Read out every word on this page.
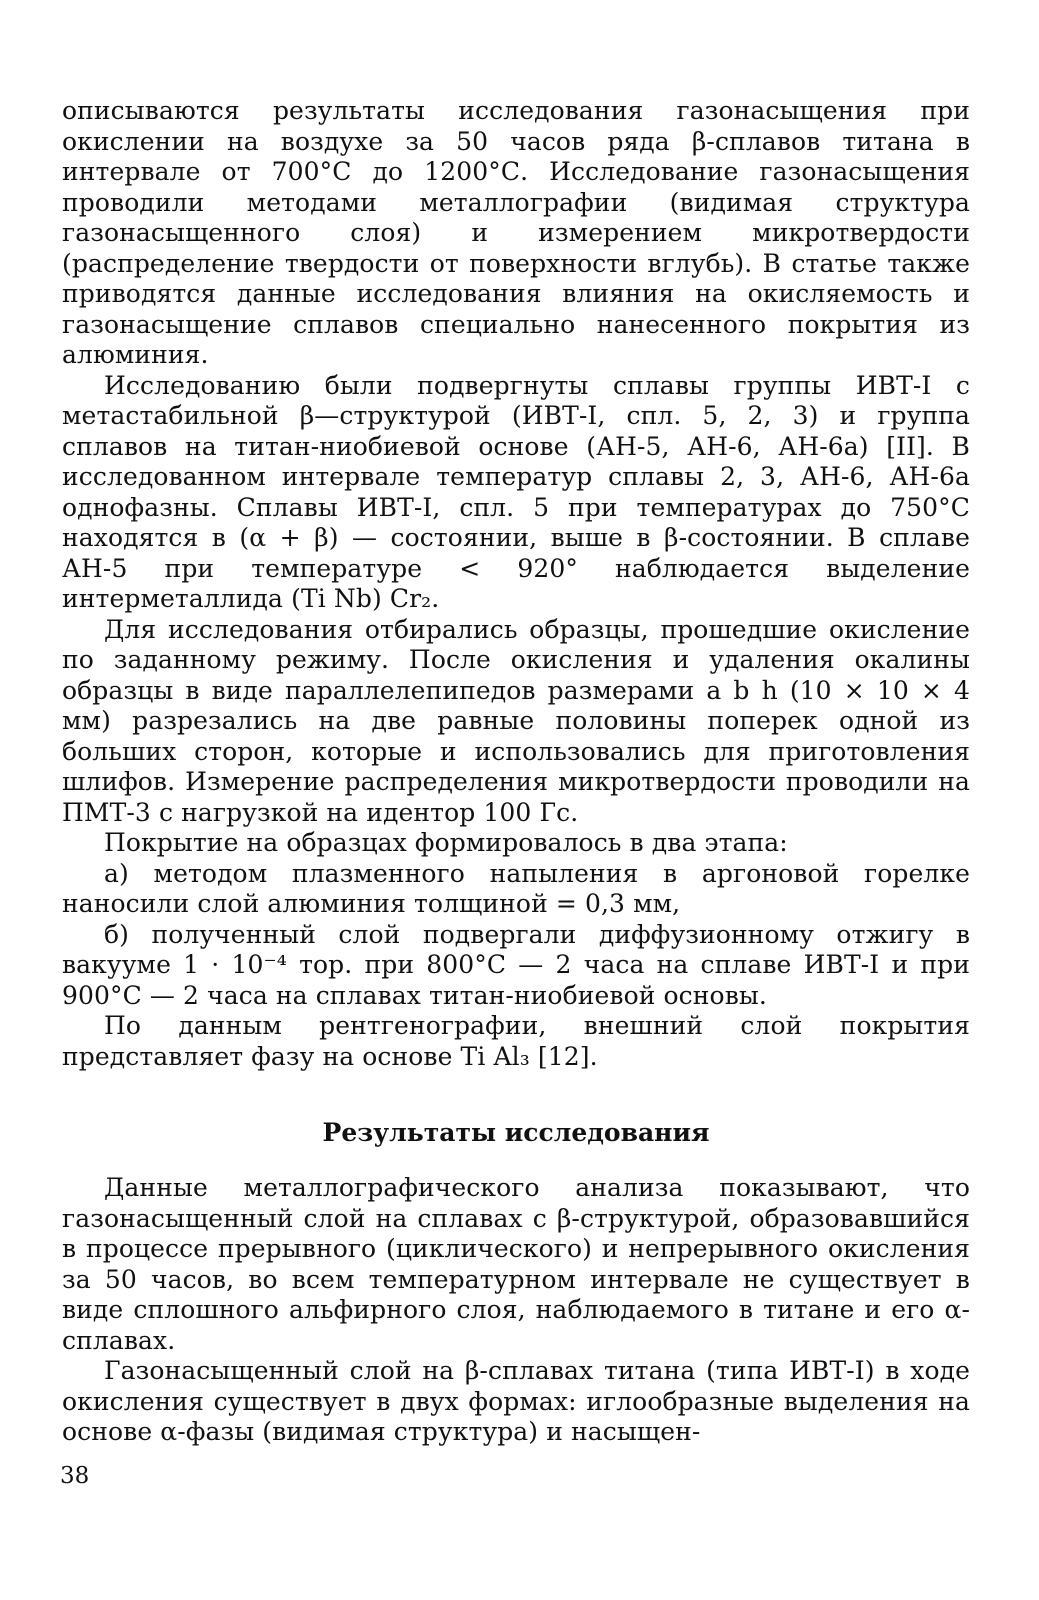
описываются результаты исследования газонасыщения при окислении на воздухе за 50 часов ряда β-сплавов титана в интервале от 700°С до 1200°С. Исследование газонасыщения проводили методами металлографии (видимая структура газонасыщенного слоя) и измерением микротвердости (распределение твердости от поверхности вглубь). В статье также приводятся данные исследования влияния на окисляемость и газонасыщение сплавов специально нанесенного покрытия из алюминия.

Исследованию были подвергнуты сплавы группы ИВТ-I с метастабильной β—структурой (ИВТ-I, спл. 5, 2, 3) и группа сплавов на титан-ниобиевой основе (АН-5, АН-6, АН-6а) [II]. В исследованном интервале температур сплавы 2, 3, АН-6, АН-6а однофазны. Сплавы ИВТ-I, спл. 5 при температурах до 750°С находятся в (α + β) — состоянии, выше в β-состоянии. В сплаве АН-5 при температуре < 920° наблюдается выделение интерметаллида (Ti Nb) Cr₂.

Для исследования отбирались образцы, прошедшие окисление по заданному режиму. После окисления и удаления окалины образцы в виде параллелепипедов размерами a b h (10 × 10 × 4 мм) разрезались на две равные половины поперек одной из больших сторон, которые и использовались для приготовления шлифов. Измерение распределения микротвердости проводили на ПМТ-3 с нагрузкой на идентор 100 Гс.

Покрытие на образцах формировалось в два этапа:

а) методом плазменного напыления в аргоновой горелке наносили слой алюминия толщиной = 0,3 мм,

б) полученный слой подвергали диффузионному отжигу в вакууме 1 · 10⁻⁴ тор. при 800°С — 2 часа на сплаве ИВТ-I и при 900°С — 2 часа на сплавах титан-ниобиевой основы.

По данным рентгенографии, внешний слой покрытия представляет фазу на основе Ti Al₃ [12].

Результаты исследования

Данные металлографического анализа показывают, что газонасыщенный слой на сплавах с β-структурой, образовавшийся в процессе прерывного (циклического) и непрерывного окисления за 50 часов, во всем температурном интервале не существует в виде сплошного альфирного слоя, наблюдаемого в титане и его α-сплавах.

Газонасыщенный слой на β-сплавах титана (типа ИВТ-I) в ходе окисления существует в двух формах: иглообразные выделения на основе α-фазы (видимая структура) и насыщен-

38
